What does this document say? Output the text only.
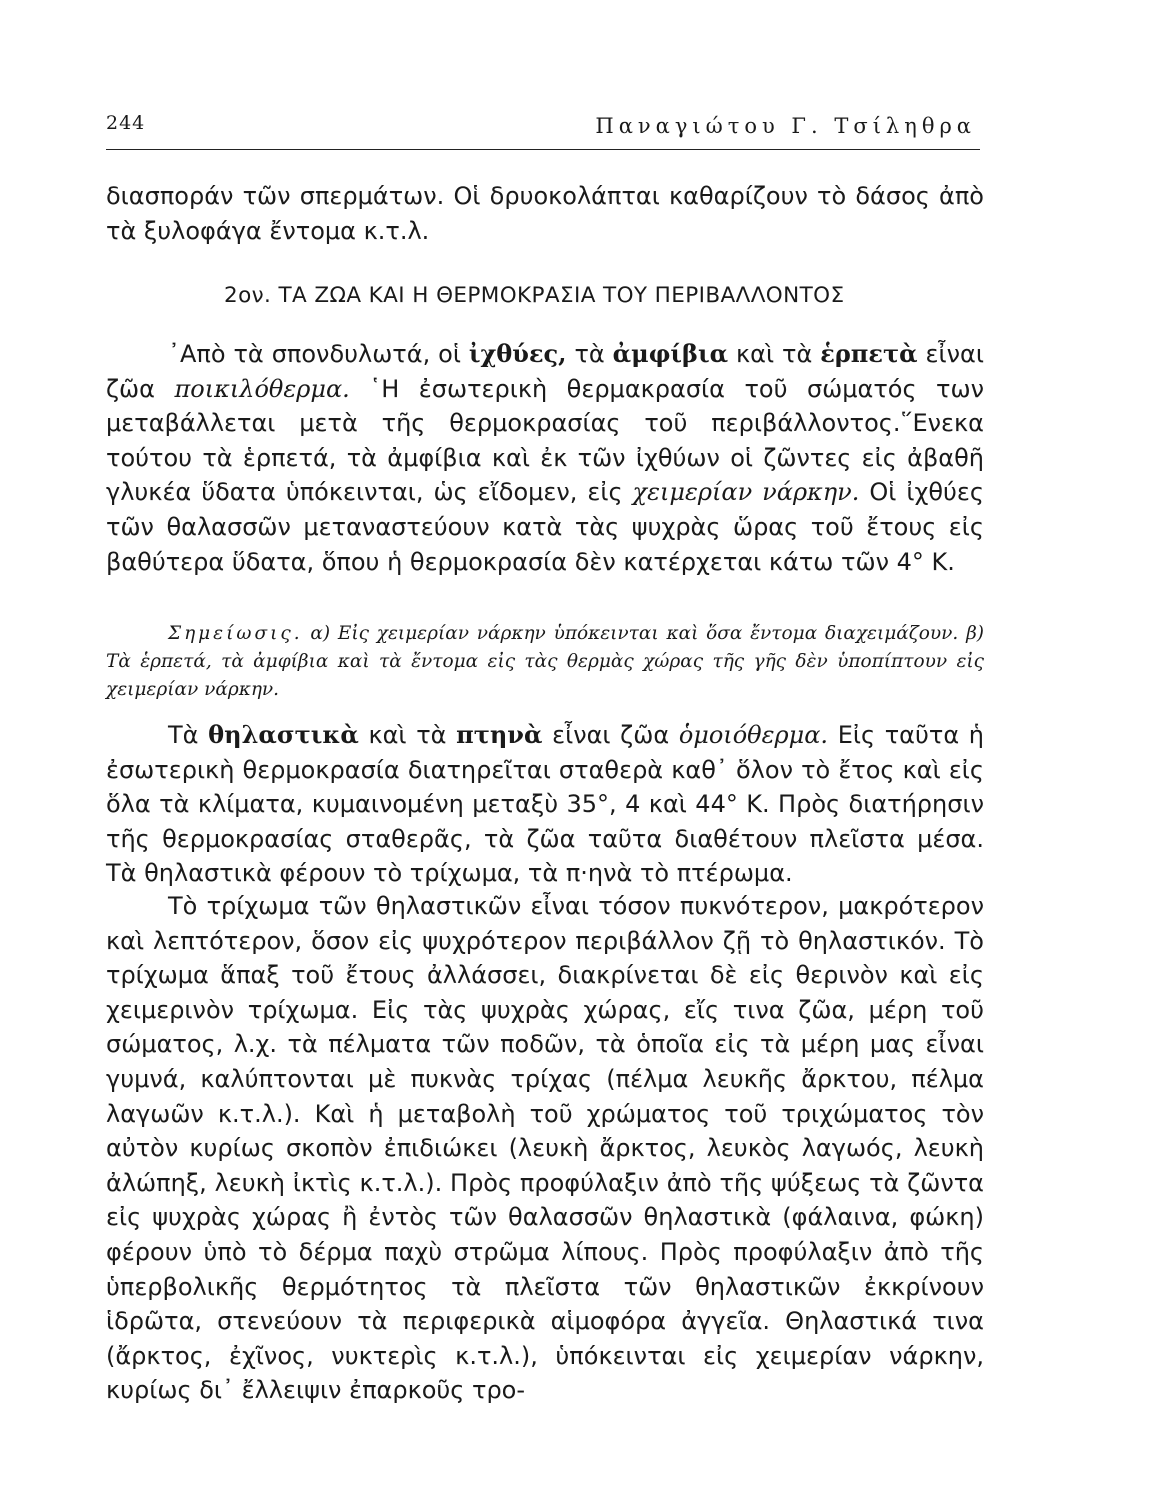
244	Παναγιώτου Γ. Τσίληθρα

διασποράν τῶν σπερμάτων. Οἱ δρυοκολάπται καθαρίζουν τὸ δάσος ἀπὸ τὰ ξυλοφάγα ἔντομα κ.τ.λ.

2ον. ΤΑ ΖΩΑ ΚΑΙ Η ΘΕΡΜΟΚΡΑΣΙΑ ΤΟΥ ΠΕΡΙΒΑΛΛΟΝΤΟΣ

᾿Απὸ τὰ σπονδυλωτά, οἱ ἰχθύες, τὰ ἀμφίβια καὶ τὰ ἑρπετὰ εἶναι ζῶα ποικιλόθερμα. ῾Η ἐσωτερικὴ θερμακρασία τοῦ σώματός των μεταβάλλεται μετὰ τῆς θερμοκρασίας τοῦ περιβάλλοντος.῞Ενεκα τούτου τὰ ἑρπετά, τὰ ἀμφίβια καὶ ἐκ τῶν ἰχθύων οἱ ζῶντες εἰς ἀβαθῆ γλυκέα ὕδατα ὑπόκεινται, ὡς εἴδομεν, εἰς χειμερίαν νάρκην. Οἱ ἰχθύες τῶν θαλασσῶν μεταναστεύουν κατὰ τὰς ψυχρὰς ὥρας τοῦ ἔτους εἰς βαθύτερα ὕδατα, ὅπου ἡ θερμοκρασία δὲν κατέρχεται κάτω τῶν 4° Κ.

Σημείωσις. α) Εἰς χειμερίαν νάρκην ὑπόκεινται καὶ ὅσα ἔντομα διαχειμάζουν. β) Τὰ ἑρπετά, τὰ ἀμφίβια καὶ τὰ ἔντομα εἰς τὰς θερμὰς χώρας τῆς γῆς δὲν ὑποπίπτουν εἰς χειμερίαν νάρκην.

Τὰ θηλαστικὰ καὶ τὰ πτηνὰ εἶναι ζῶα ὁμοιόθερμα. Εἰς ταῦτα ἡ ἐσωτερικὴ θερμοκρασία διατηρεῖται σταθερὰ καθ᾿ ὅλον τὸ ἔτος καὶ εἰς ὅλα τὰ κλίματα, κυμαινομένη μεταξὺ 35°, 4 καὶ 44° Κ. Πρὸς διατήρησιν τῆς θερμοκρασίας σταθερᾶς, τὰ ζῶα ταῦτα διαθέτουν πλεῖστα μέσα. Τὰ θηλαστικὰ φέρουν τὸ τρίχωμα, τὰ π·ηνὰ τὸ πτέρωμα.

Τὸ τρίχωμα τῶν θηλαστικῶν εἶναι τόσον πυκνότερον, μακρότερον καὶ λεπτότερον, ὅσον εἰς ψυχρότερον περιβάλλον ζῇ τὸ θηλαστικόν. Τὸ τρίχωμα ἅπαξ τοῦ ἔτους ἀλλάσσει, διακρίνεται δὲ εἰς θερινὸν καὶ εἰς χειμερινὸν τρίχωμα. Εἰς τὰς ψυχρὰς χώρας, εἴς τινα ζῶα, μέρη τοῦ σώματος, λ.χ. τὰ πέλματα τῶν ποδῶν, τὰ ὁποῖα εἰς τὰ μέρη μας εἶναι γυμνά, καλύπτονται μὲ πυκνὰς τρίχας (πέλμα λευκῆς ἄρκτου, πέλμα λαγωῶν κ.τ.λ.). Καὶ ἡ μεταβολὴ τοῦ χρώματος τοῦ τριχώματος τὸν αὐτὸν κυρίως σκοπὸν ἐπιδιώκει (λευκὴ ἄρκτος, λευκὸς λαγωός, λευκὴ ἀλώπηξ, λευκὴ ἰκτὶς κ.τ.λ.). Πρὸς προφύλαξιν ἀπὸ τῆς ψύξεως τὰ ζῶντα εἰς ψυχρὰς χώρας ἢ ἐντὸς τῶν θαλασσῶν θηλαστικὰ (φάλαινα, φώκη) φέρουν ὑπὸ τὸ δέρμα παχὺ στρῶμα λίπους. Πρὸς προφύλαξιν ἀπὸ τῆς ὑπερβολικῆς θερμότητος τὰ πλεῖστα τῶν θηλαστικῶν ἐκκρίνουν ἱδρῶτα, στενεύουν τὰ περιφερικὰ αἱμοφόρα ἀγγεῖα. Θηλαστικά τινα (ἄρκτος, ἐχῖνος, νυκτερὶς κ.τ.λ.), ὑπόκεινται εἰς χειμερίαν νάρκην, κυρίως δι᾿ ἔλλειψιν ἐπαρκοῦς τρο-
